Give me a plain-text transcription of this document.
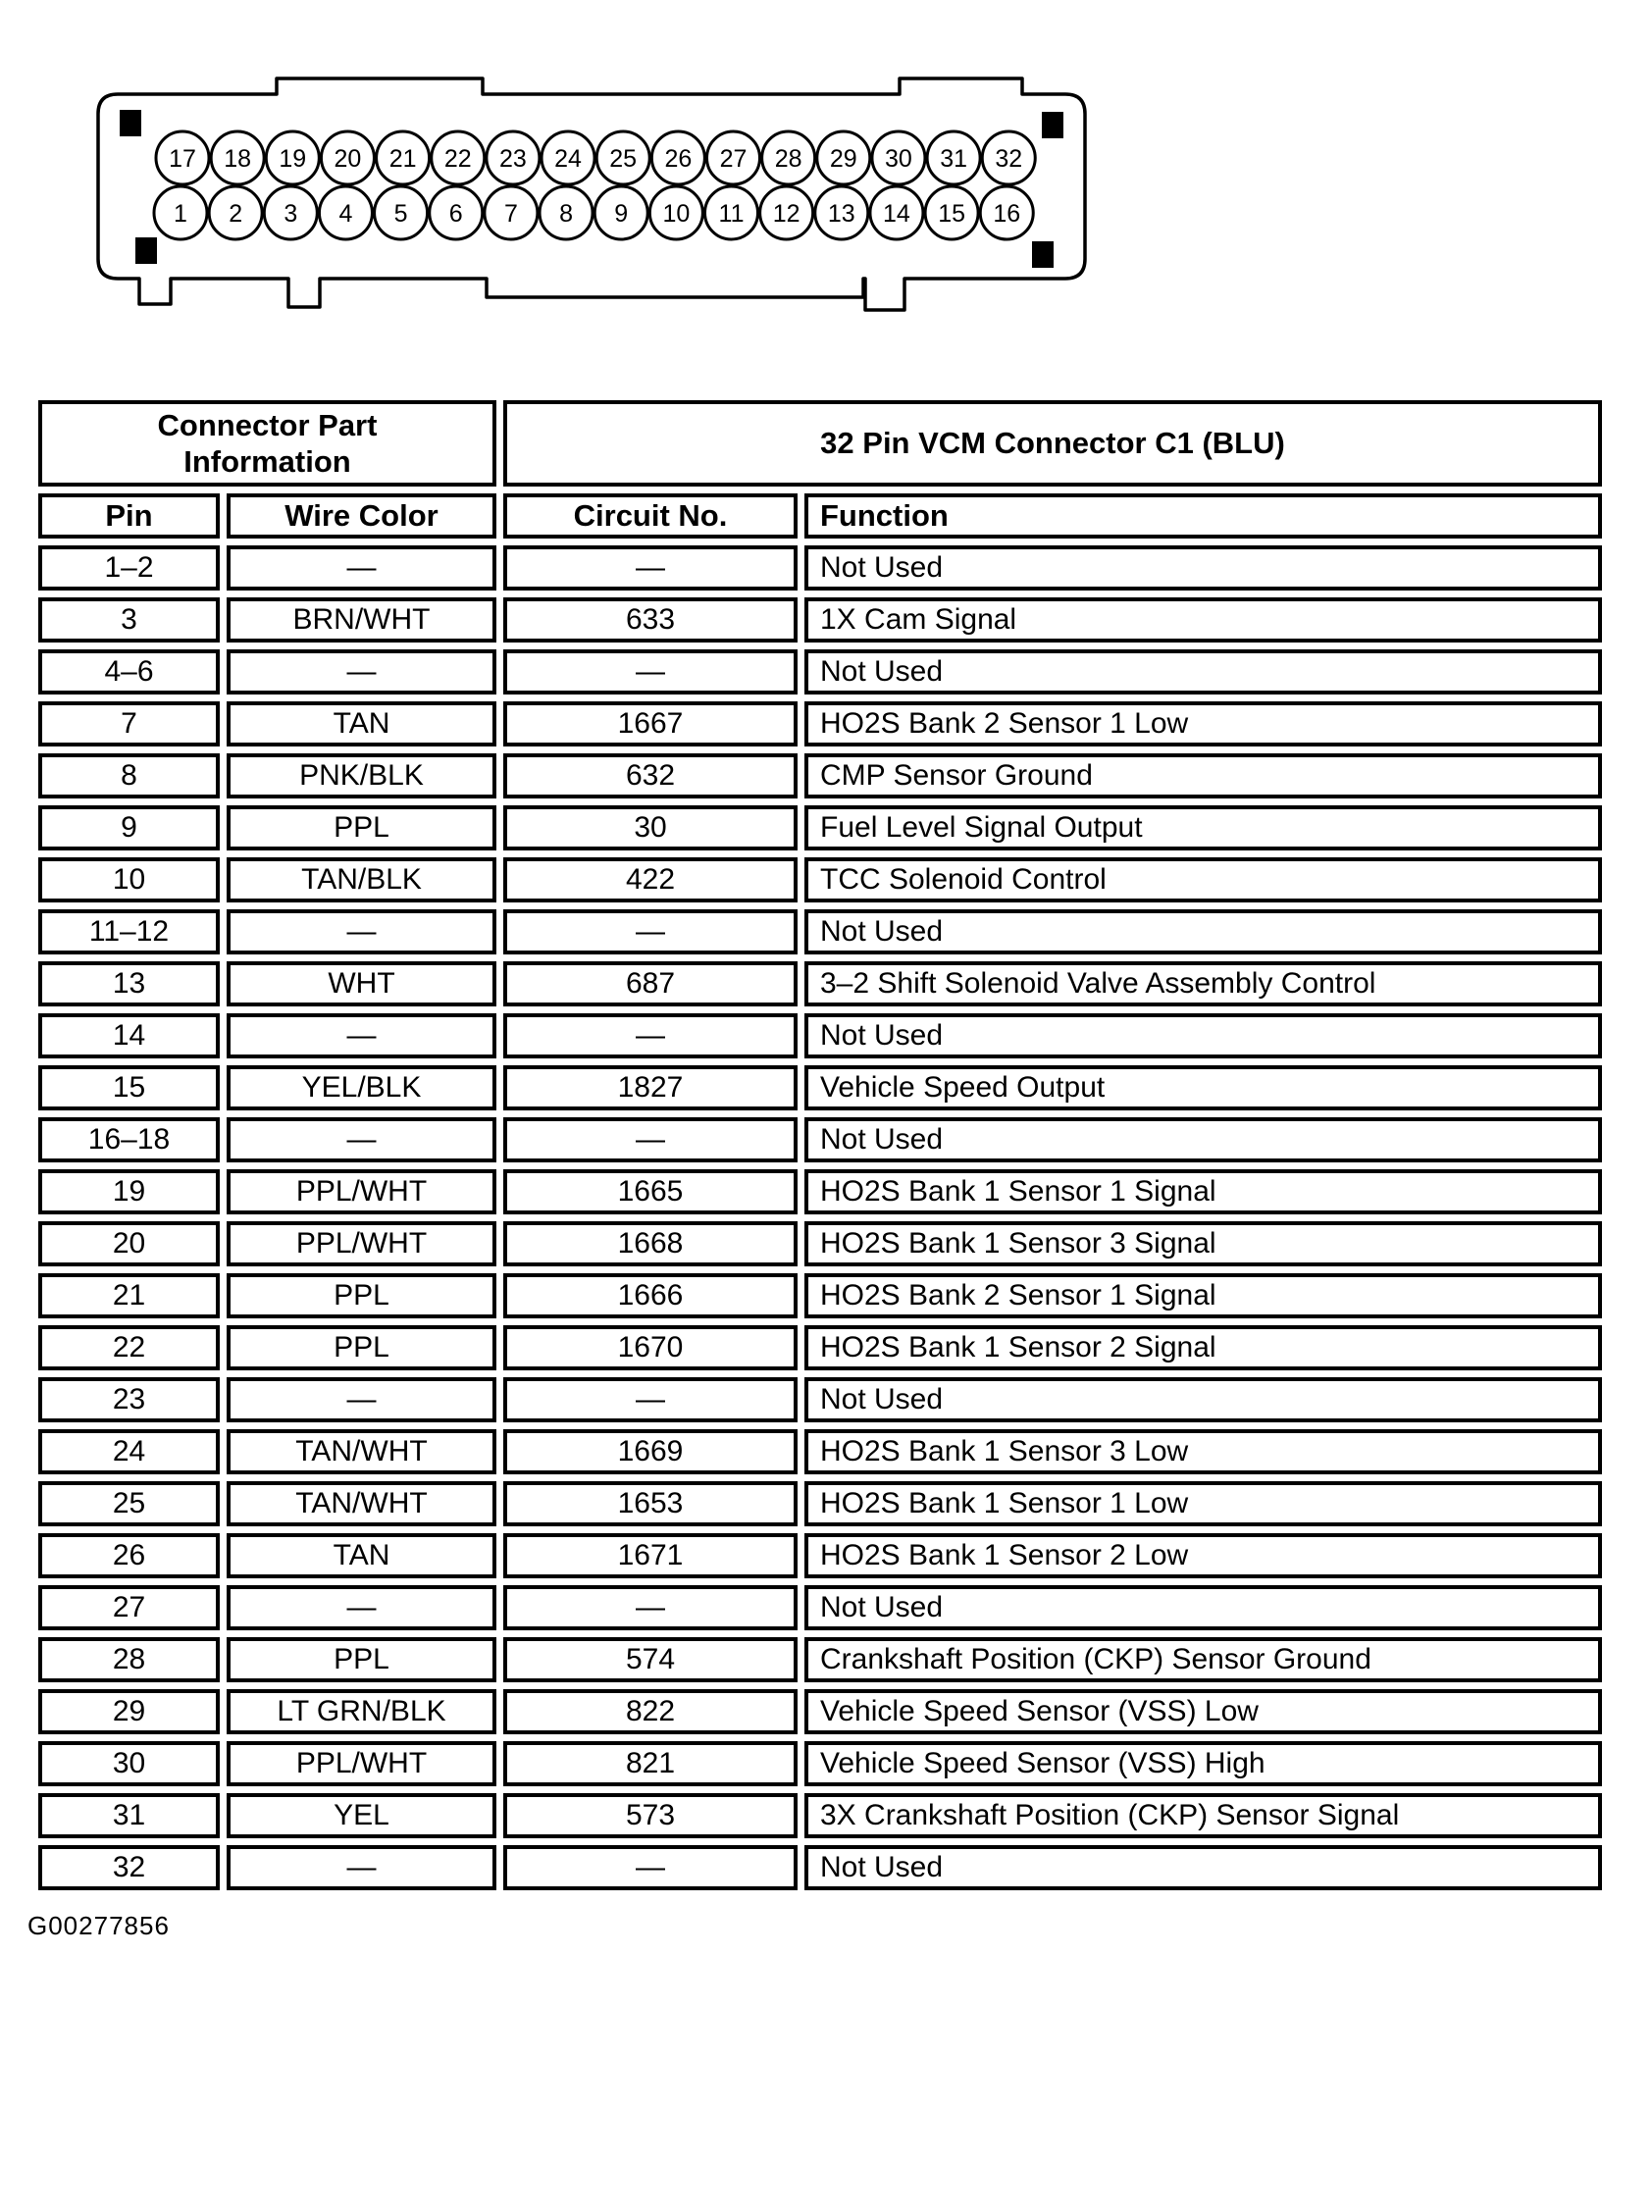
17 18 19 20 21 22 23 24 25 26 27 28 29 30 31 32
1 2 3 4 5 6 7 8 9 10 11 12 13 14 15 16
Connector Part Information		32 Pin VCM Connector C1 (BLU)	
Pin	Wire Color	Circuit No.	Function
1–2	—	—	Not Used
3	BRN/WHT	633	1X Cam Signal
4–6	—	—	Not Used
7	TAN	1667	HO2S Bank 2 Sensor 1 Low
8	PNK/BLK	632	CMP Sensor Ground
9	PPL	30	Fuel Level Signal Output
10	TAN/BLK	422	TCC Solenoid Control
11–12	—	—	Not Used
13	WHT	687	3–2 Shift Solenoid Valve Assembly Control
14	—	—	Not Used
15	YEL/BLK	1827	Vehicle Speed Output
16–18	—	—	Not Used
19	PPL/WHT	1665	HO2S Bank 1 Sensor 1 Signal
20	PPL/WHT	1668	HO2S Bank 1 Sensor 3 Signal
21	PPL	1666	HO2S Bank 2 Sensor 1 Signal
22	PPL	1670	HO2S Bank 1 Sensor 2 Signal
23	—	—	Not Used
24	TAN/WHT	1669	HO2S Bank 1 Sensor 3 Low
25	TAN/WHT	1653	HO2S Bank 1 Sensor 1 Low
26	TAN	1671	HO2S Bank 1 Sensor 2 Low
27	—	—	Not Used
28	PPL	574	Crankshaft Position (CKP) Sensor Ground
29	LT GRN/BLK	822	Vehicle Speed Sensor (VSS) Low
30	PPL/WHT	821	Vehicle Speed Sensor (VSS) High
31	YEL	573	3X Crankshaft Position (CKP) Sensor Signal
32	—	—	Not Used
G00277856
